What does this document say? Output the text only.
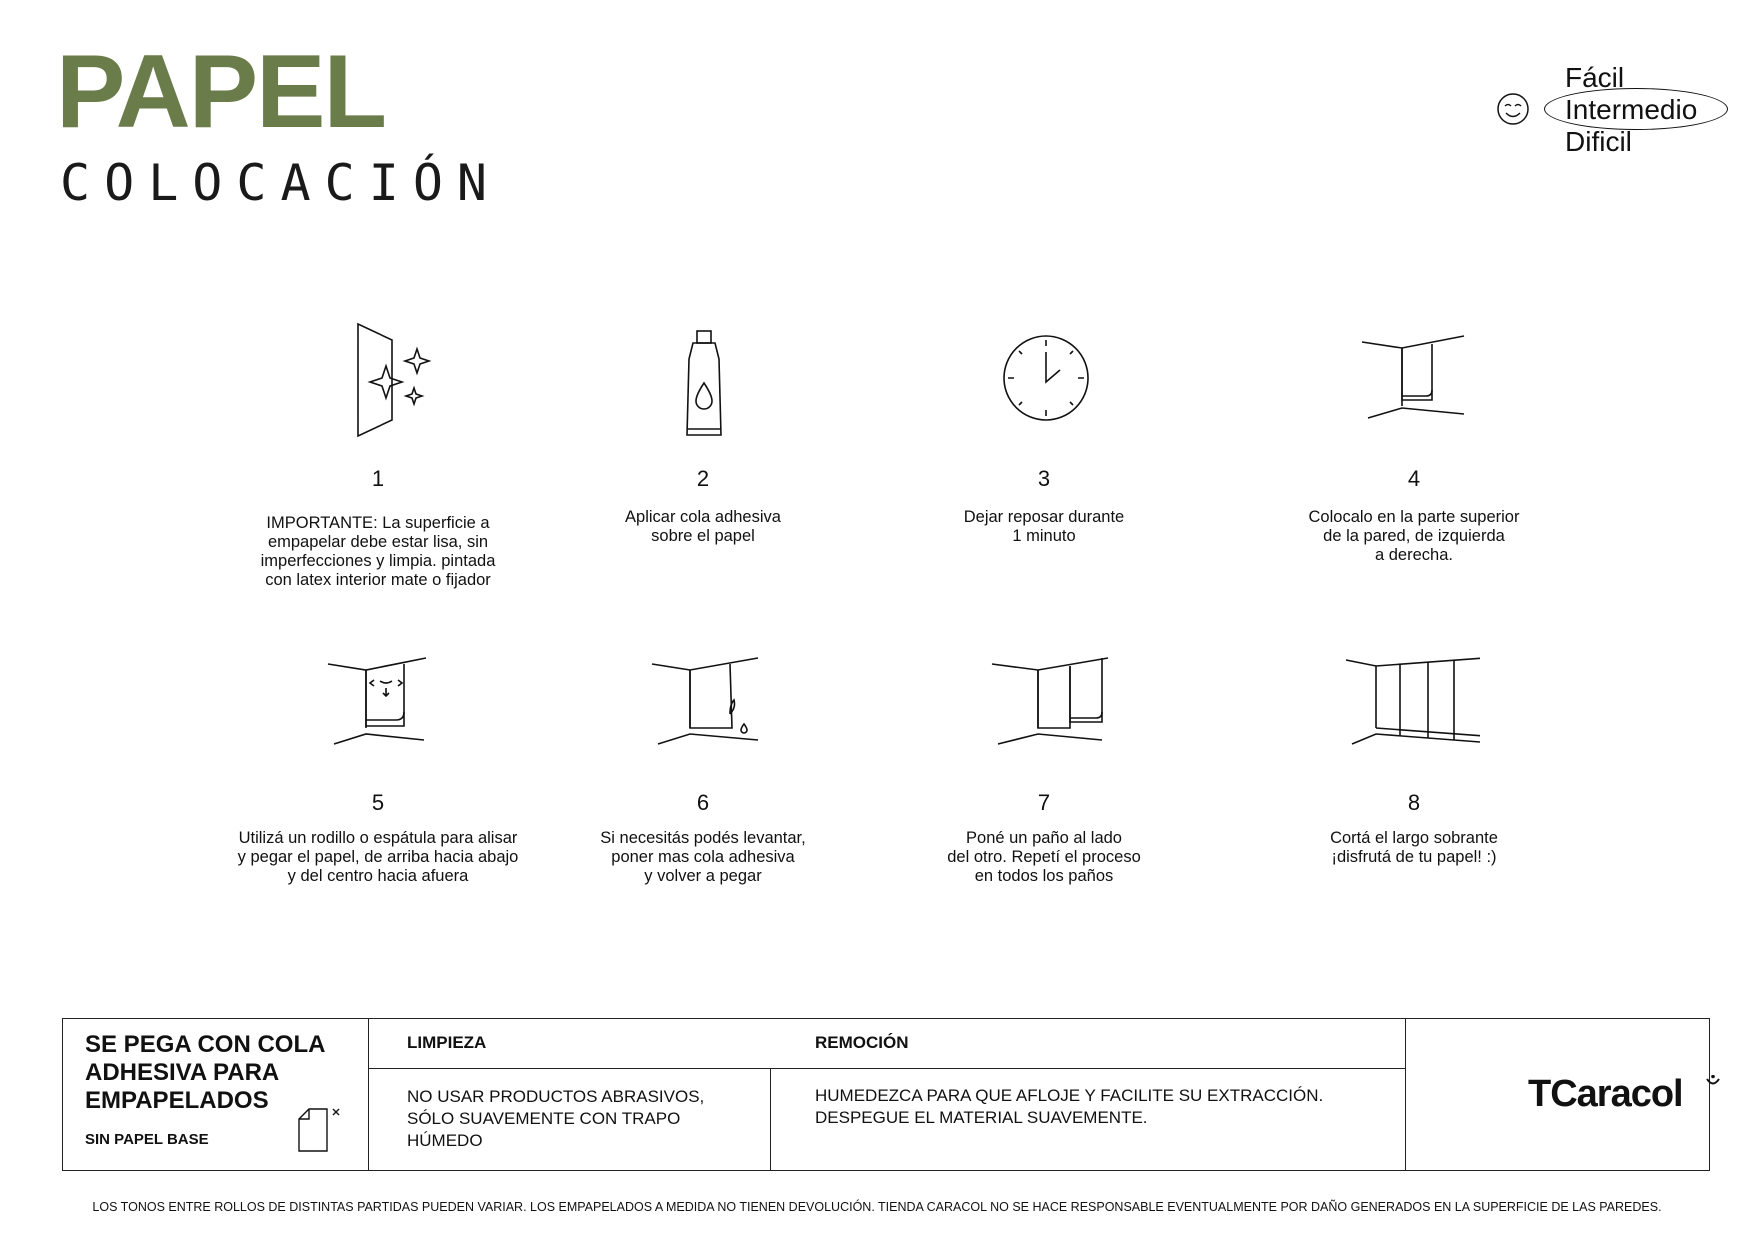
PAPEL
COLOCACIÓN
Fácil
Intermedio
Dificil
1
IMPORTANTE: La superficie a
empapelar debe estar lisa, sin
imperfecciones y limpia. pintada
con latex interior mate o fijador
2
Aplicar cola adhesiva
sobre el papel
3
Dejar reposar durante
1 minuto
4
Colocalo en la parte superior
de la pared, de izquierda
a derecha.
5
Utilizá un rodillo o espátula para alisar
y pegar el papel, de arriba hacia abajo
y del centro hacia afuera
6
Si necesitás podés levantar,
poner mas cola adhesiva
y volver a pegar
7
Poné un paño al lado
del otro. Repetí el proceso
en todos los paños
8
Cortá el largo sobrante
¡disfrutá de tu papel! :)
SE PEGA CON COLA ADHESIVA PARA EMPAPELADOS
SIN PAPEL BASE
LIMPIEZA	REMOCIÓN
NO USAR PRODUCTOS ABRASIVOS,
SÓLO SUAVEMENTE CON TRAPO
HÚMEDO
HUMEDEZCA PARA QUE AFLOJE Y FACILITE SU EXTRACCIÓN.
DESPEGUE EL MATERIAL SUAVEMENTE.
TCaracol
LOS TONOS ENTRE ROLLOS DE DISTINTAS PARTIDAS PUEDEN VARIAR. LOS EMPAPELADOS A MEDIDA NO TIENEN DEVOLUCIÓN. TIENDA CARACOL NO SE HACE RESPONSABLE EVENTUALMENTE POR DAÑO GENERADOS EN LA SUPERFICIE DE LAS PAREDES.
